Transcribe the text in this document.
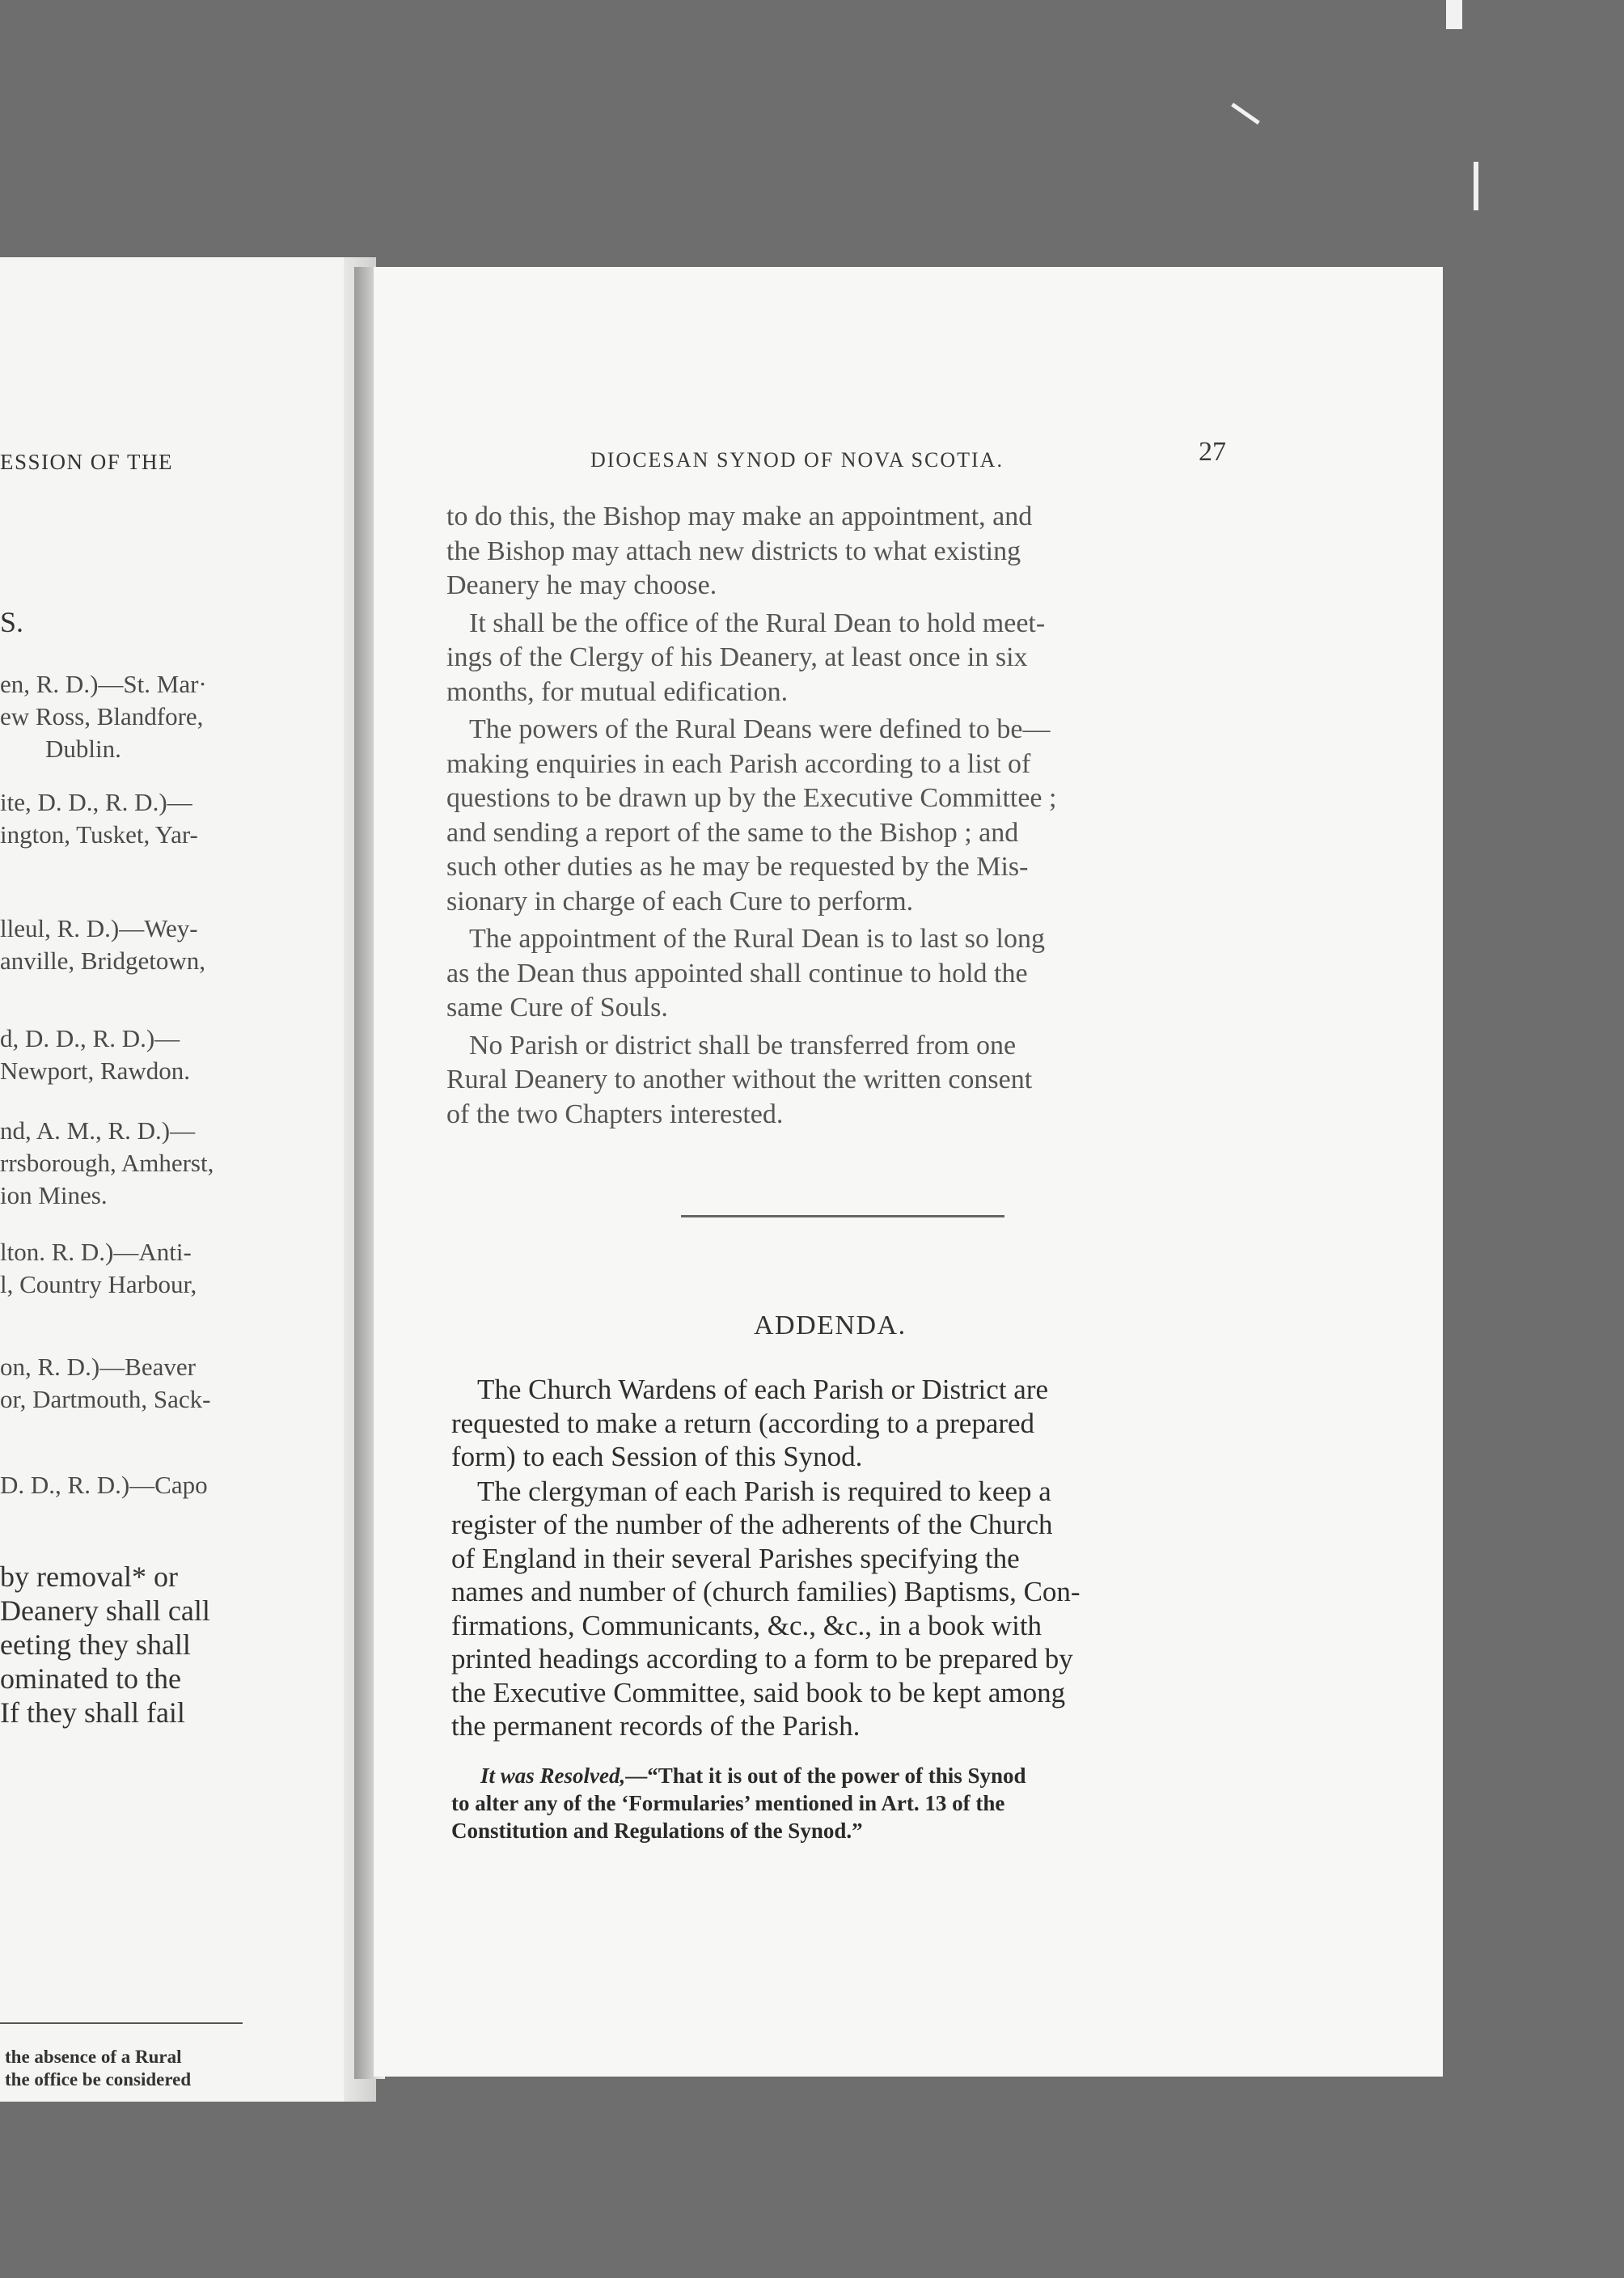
ESSION OF THE
S.
en, R. D.)—St. Mar·
ew Ross, Blandfore,
Dublin.
ite, D. D., R. D.)—
ington, Tusket, Yar-
lleul, R. D.)—Wey-
anville, Bridgetown,
d, D. D., R. D.)—
Newport, Rawdon.
nd, A. M., R. D.)—
rrsborough, Amherst,
ion Mines.
lton. R. D.)—Anti-
l, Country Harbour,
on, R. D.)—Beaver
or, Dartmouth, Sack-
D. D., R. D.)—Capo
by removal* or
Deanery shall call
eeting they shall
ominated to the
If they shall fail
the absence of a Rural
the office be considered
DIOCESAN SYNOD OF NOVA SCOTIA.	27
to do this, the Bishop may make an appointment, and
the Bishop may attach new districts to what existing
Deanery he may choose.
It shall be the office of the Rural Dean to hold meet-
ings of the Clergy of his Deanery, at least once in six
months, for mutual edification.
The powers of the Rural Deans were defined to be—
making enquiries in each Parish according to a list of
questions to be drawn up by the Executive Committee ;
and sending a report of the same to the Bishop ; and
such other duties as he may be requested by the Mis-
sionary in charge of each Cure to perform.
The appointment of the Rural Dean is to last so long
as the Dean thus appointed shall continue to hold the
same Cure of Souls.
No Parish or district shall be transferred from one
Rural Deanery to another without the written consent
of the two Chapters interested.
ADDENDA.
The Church Wardens of each Parish or District are
requested to make a return (according to a prepared
form) to each Session of this Synod.
The clergyman of each Parish is required to keep a
register of the number of the adherents of the Church
of England in their several Parishes specifying the
names and number of (church families) Baptisms, Con-
firmations, Communicants, &c., &c., in a book with
printed headings according to a form to be prepared by
the Executive Committee, said book to be kept among
the permanent records of the Parish.
It was Resolved,—“That it is out of the power of this Synod
to alter any of the ‘Formularies’ mentioned in Art. 13 of the
Constitution and Regulations of the Synod.”
